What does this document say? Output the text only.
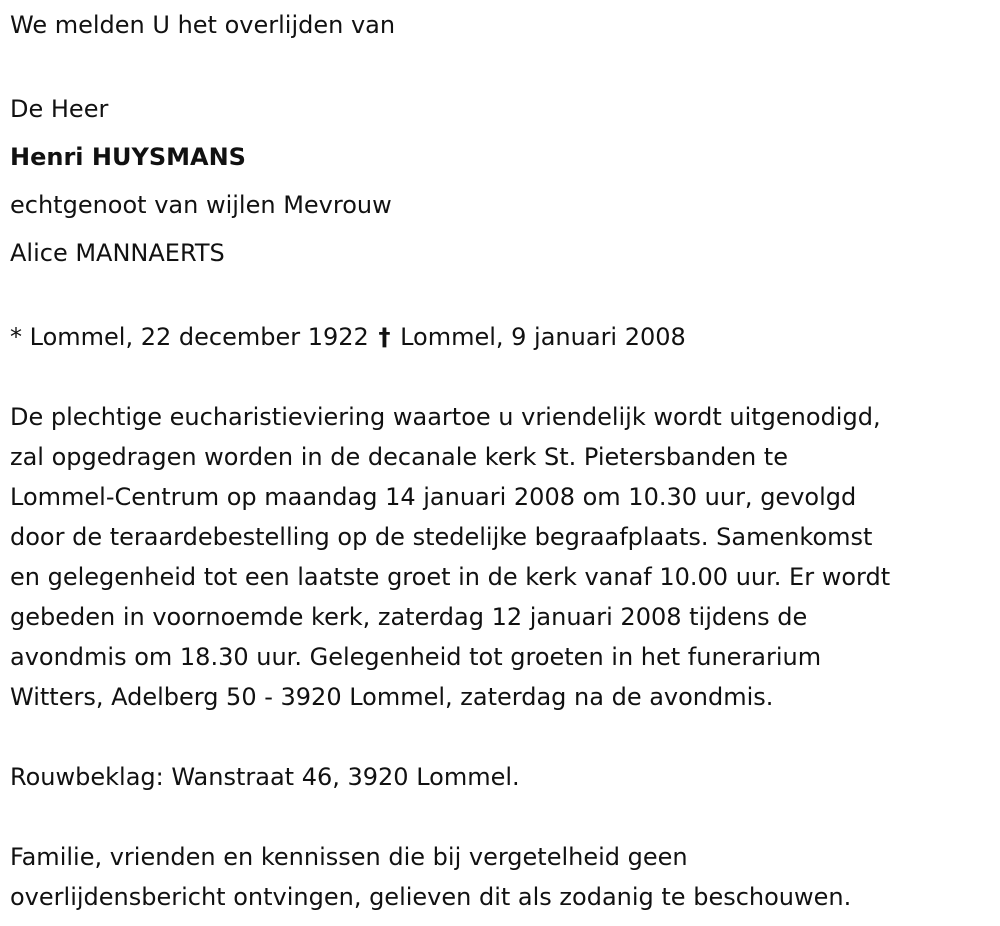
We melden U het overlijden van
De Heer
Henri HUYSMANS
echtgenoot van wijlen Mevrouw
Alice MANNAERTS
* Lommel, 22 december 1922 † Lommel, 9 januari 2008
De plechtige eucharistieviering waartoe u vriendelijk wordt uitgenodigd,
zal opgedragen worden in de decanale kerk St. Pietersbanden te
Lommel-Centrum op maandag 14 januari 2008 om 10.30 uur, gevolgd
door de teraardebestelling op de stedelijke begraafplaats. Samenkomst
en gelegenheid tot een laatste groet in de kerk vanaf 10.00 uur. Er wordt
gebeden in voornoemde kerk, zaterdag 12 januari 2008 tijdens de
avondmis om 18.30 uur. Gelegenheid tot groeten in het funerarium
Witters, Adelberg 50 - 3920 Lommel, zaterdag na de avondmis.
Rouwbeklag: Wanstraat 46, 3920 Lommel.
Familie, vrienden en kennissen die bij vergetelheid geen
overlijdensbericht ontvingen, gelieven dit als zodanig te beschouwen.
